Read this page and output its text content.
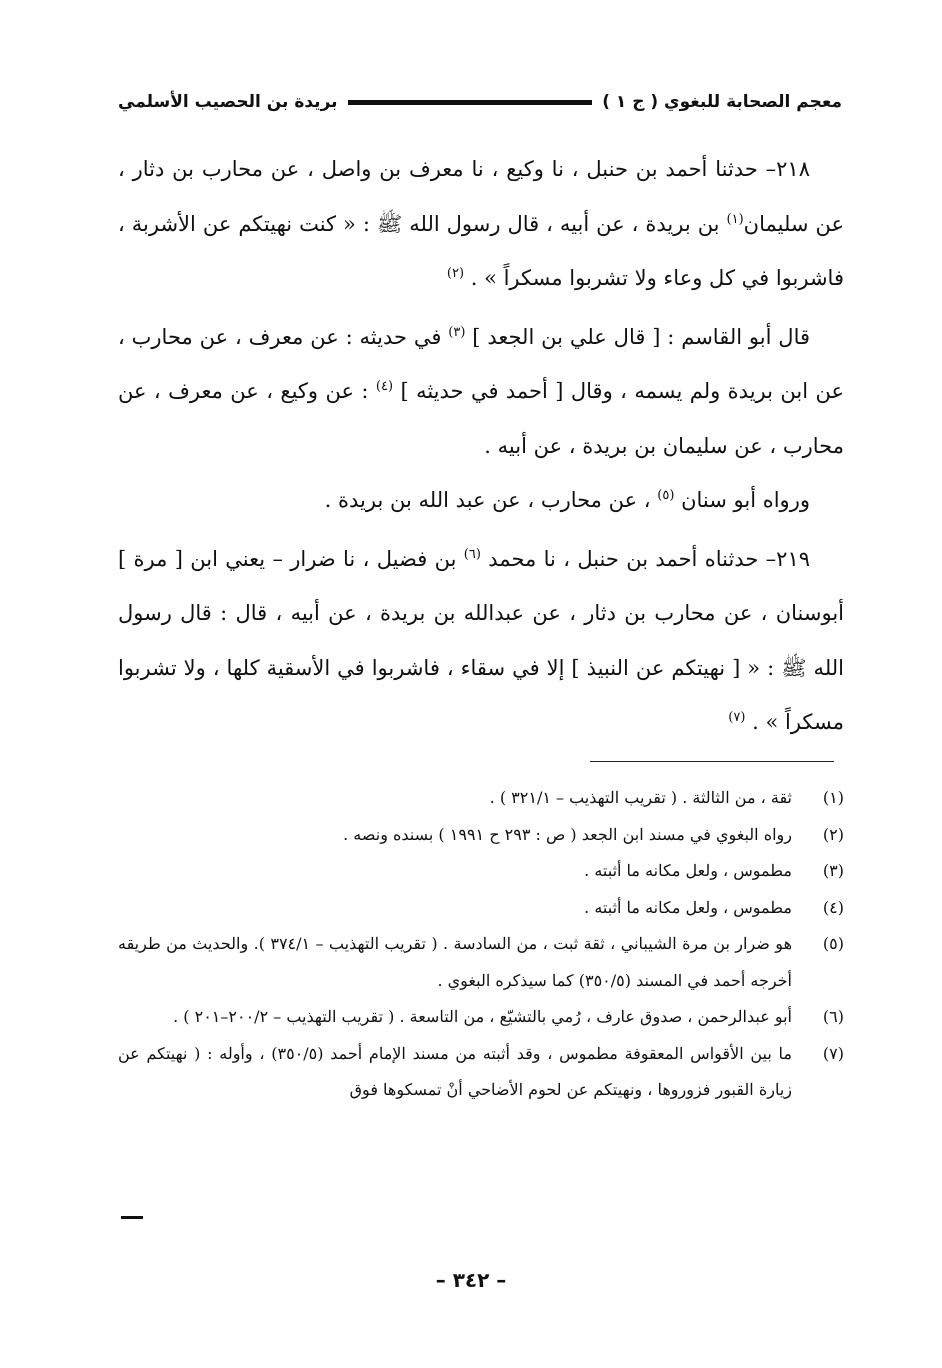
معجم الصحابة للبغوي ( ج ١ )
بريدة بن الحصيب الأسلمي

٢١٨– حدثنا أحمد بن حنبل ، نا وكيع ، نا معرف بن واصل ، عن محارب بن دثار ، عن سليمان$^{(١)}$ بن بريدة ، عن أبيه ، قال رسول الله ﷺ : « كنت نهيتكم عن الأشربة ، فاشربوا في كل وعاء ولا تشربوا مسكراً » . $^{(٢)}$

قال أبو القاسم : [ قال علي بن الجعد ] $^{(٣)}$ في حديثه : عن معرف ، عن محارب ، عن ابن بريدة ولم يسمه ، وقال [ أحمد في حديثه ] $^{(٤)}$ : عن وكيع ، عن معرف ، عن محارب ، عن سليمان بن بريدة ، عن أبيه .

ورواه أبو سنان $^{(٥)}$ ، عن محارب ، عن عبد الله بن بريدة .

٢١٩– حدثناه أحمد بن حنبل ، نا محمد $^{(٦)}$ بن فضيل ، نا ضرار – يعني ابن [ مرة ] أبوسنان ، عن محارب بن دثار ، عن عبدالله بن بريدة ، عن أبيه ، قال : قال رسول الله ﷺ : « [ نهيتكم عن النبيذ ] إلا في سقاء ، فاشربوا في الأسقية كلها ، ولا تشربوا مسكراً » . $^{(٧)}$

(١)
ثقة ، من الثالثة . ( تقريب التهذيب – ٣٢١/١ ) .
(٢)
رواه البغوي في مسند ابن الجعد ( ص : ٢٩٣ ح ١٩٩١ ) بسنده ونصه .
(٣)
مطموس ، ولعل مكانه ما أثبته .
(٤)
مطموس ، ولعل مكانه ما أثبته .
(٥)
هو ضرار بن مرة الشيباني ، ثقة ثبت ، من السادسة . ( تقريب التهذيب – ٣٧٤/١ ). والحديث من طريقه أخرجه أحمد في المسند (٣٥٠/٥) كما سيذكره البغوي .
(٦)
أبو عبدالرحمن ، صدوق عارف ، رُمي بالتشيّع ، من التاسعة . ( تقريب التهذيب – ٢٠٠/٢–٢٠١ ) .
(٧)
ما بين الأقواس المعقوفة مطموس ، وقد أثبته من مسند الإمام أحمد (٣٥٠/٥) ، وأوله : ( نهيتكم عن زيارة القبور فزوروها ، ونهيتكم عن لحوم الأضاحي أنْ تمسكوها فوق
– ٣٤٢ –
